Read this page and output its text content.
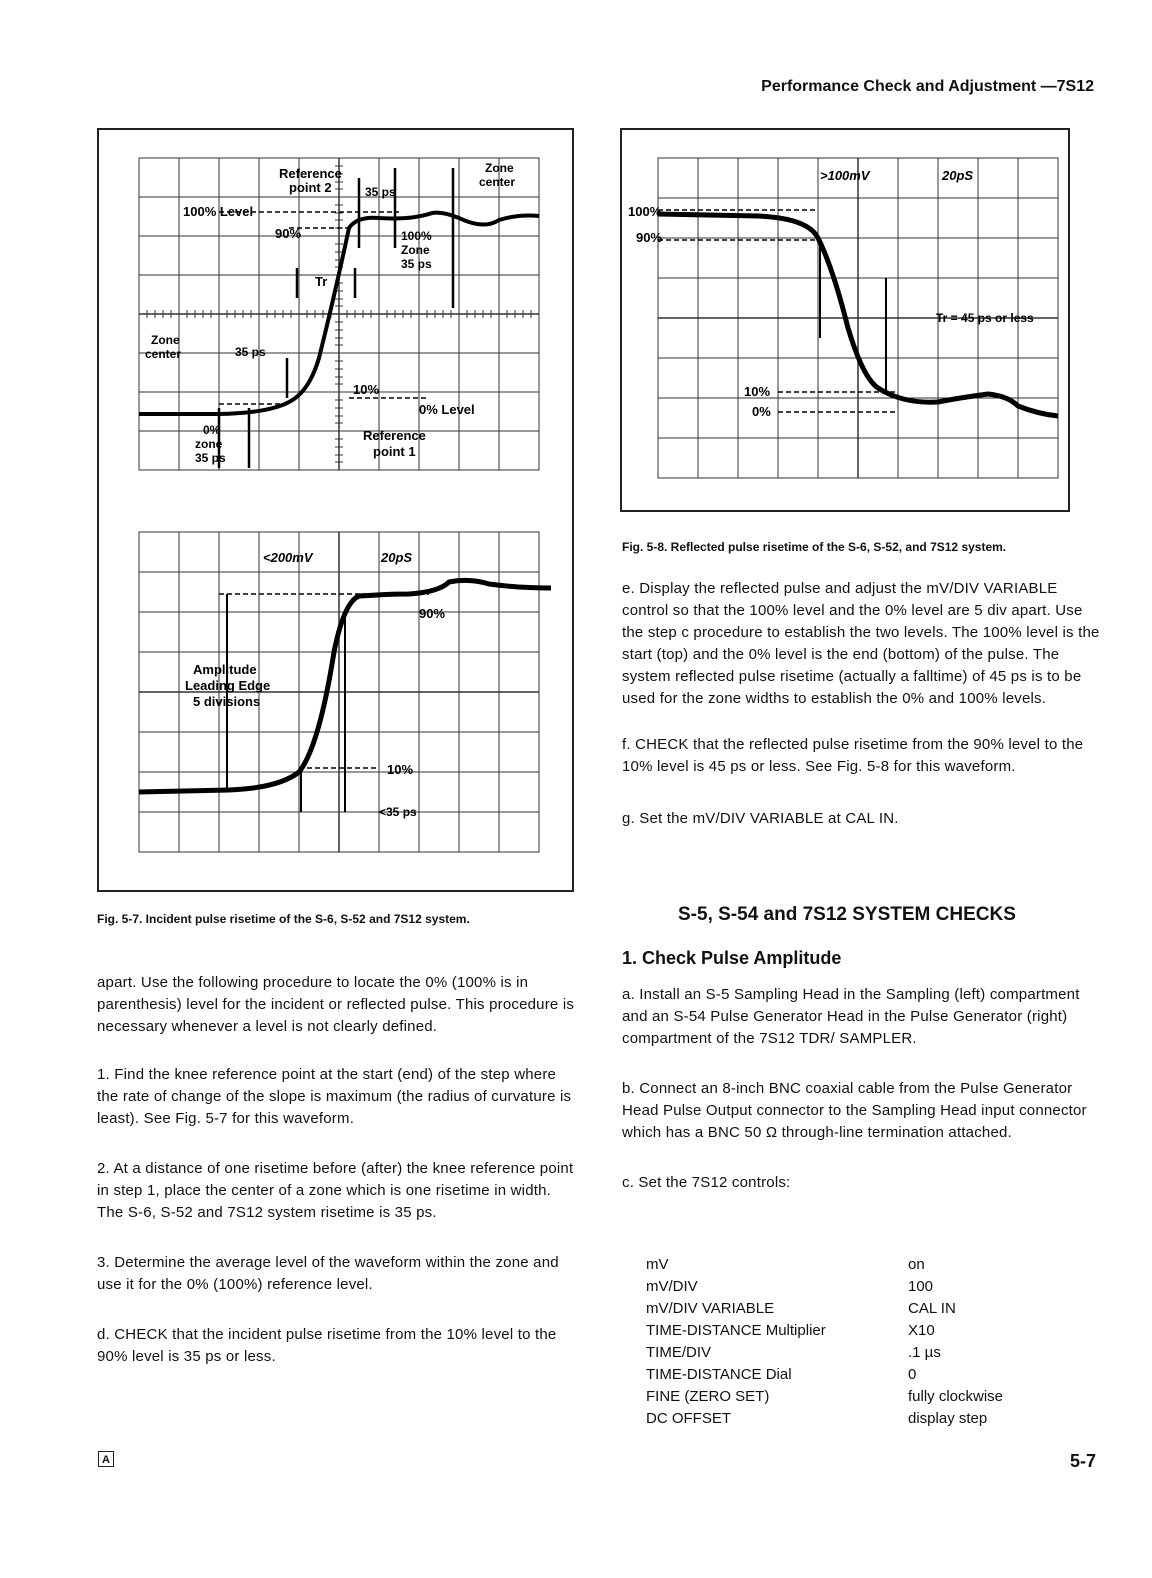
Performance Check and Adjustment —7S12
Reference
point 2	35 ps
Zone
center
100% Level
90%	100%
Zone
35 ps
Tr
Zone
center	35 ps
10%
0% Level
0%
zone
35 ps
Reference
point 1
<200mV	20pS
90%
Amplitude
Leading Edge
5 divisions
10%
<35 ps
Fig. 5-7. Incident pulse risetime of the S-6, S-52 and 7S12 system.
>100mV	20pS
100%
90%
Tr = 45 ps or less
10%
0%
Fig. 5-8. Reflected pulse risetime of the S-6, S-52, and 7S12 system.

e. Display the reflected pulse and adjust the mV/DIV VARIABLE control so that the 100% level and the 0% level are 5 div apart. Use the step c procedure to establish the two levels. The 100% level is the start (top) and the 0% level is the end (bottom) of the pulse. The system reflected pulse risetime (actually a falltime) of 45 ps is to be used for the zone widths to establish the 0% and 100% levels.

f. CHECK that the reflected pulse risetime from the 90% level to the 10% level is 45 ps or less. See Fig. 5-8 for this waveform.

g. Set the mV/DIV VARIABLE at CAL IN.

S-5, S-54 and 7S12 SYSTEM CHECKS
1. Check Pulse Amplitude

a. Install an S-5 Sampling Head in the Sampling (left) compartment and an S-54 Pulse Generator Head in the Pulse Generator (right) compartment of the 7S12 TDR/ SAMPLER.

b. Connect an 8-inch BNC coaxial cable from the Pulse Generator Head Pulse Output connector to the Sampling Head input connector which has a BNC 50 Ω through-line termination attached.

c. Set the 7S12 controls:

mV	on
mV/DIV	100
mV/DIV VARIABLE	CAL IN
TIME-DISTANCE Multiplier	X10
TIME/DIV	.1 µs
TIME-DISTANCE Dial	0
FINE (ZERO SET)	fully clockwise
DC OFFSET	display step

apart. Use the following procedure to locate the 0% (100% is in parenthesis) level for the incident or reflected pulse. This procedure is necessary whenever a level is not clearly defined.

1. Find the knee reference point at the start (end) of the step where the rate of change of the slope is maximum (the radius of curvature is least). See Fig. 5-7 for this waveform.

2. At a distance of one risetime before (after) the knee reference point in step 1, place the center of a zone which is one risetime in width. The S-6, S-52 and 7S12 system risetime is 35 ps.

3. Determine the average level of the waveform within the zone and use it for the 0% (100%) reference level.

d. CHECK that the incident pulse risetime from the 10% level to the 90% level is 35 ps or less.

A	5-7
